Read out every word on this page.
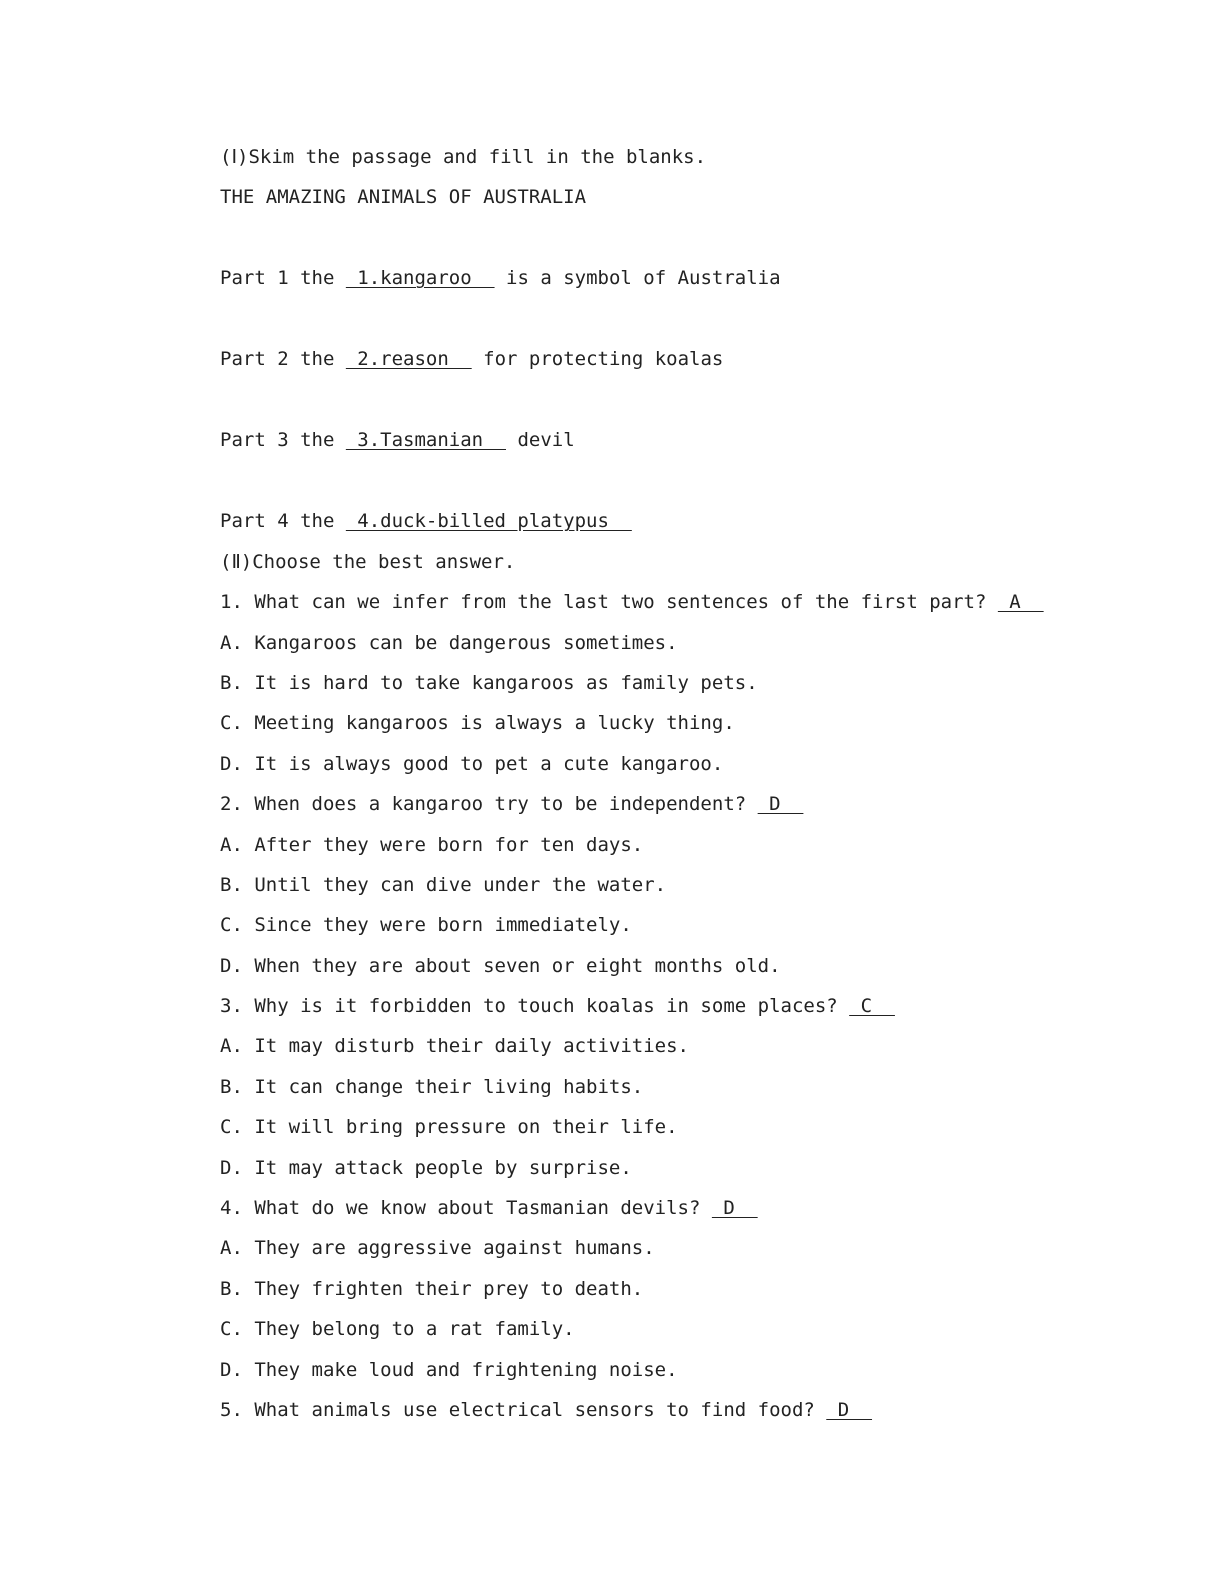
(Ⅰ)Skim the passage and fill in the blanks.
THE AMAZING ANIMALS OF AUSTRALIA
Part 1 the  1.kangaroo   is a symbol of Australia
Part 2 the  2.reason   for protecting koalas
Part 3 the  3.Tasmanian   devil
Part 4 the  4.duck-billed platypus
(Ⅱ)Choose the best answer.
1. What can we infer from the last two sentences of the first part?  A
A. Kangaroos can be dangerous sometimes.
B. It is hard to take kangaroos as family pets.
C. Meeting kangaroos is always a lucky thing.
D. It is always good to pet a cute kangaroo.
2. When does a kangaroo try to be independent?  D
A. After they were born for ten days.
B. Until they can dive under the water.
C. Since they were born immediately.
D. When they are about seven or eight months old.
3. Why is it forbidden to touch koalas in some places?  C
A. It may disturb their daily activities.
B. It can change their living habits.
C. It will bring pressure on their life.
D. It may attack people by surprise.
4. What do we know about Tasmanian devils?  D
A. They are aggressive against humans.
B. They frighten their prey to death.
C. They belong to a rat family.
D. They make loud and frightening noise.
5. What animals use electrical sensors to find food?  D
